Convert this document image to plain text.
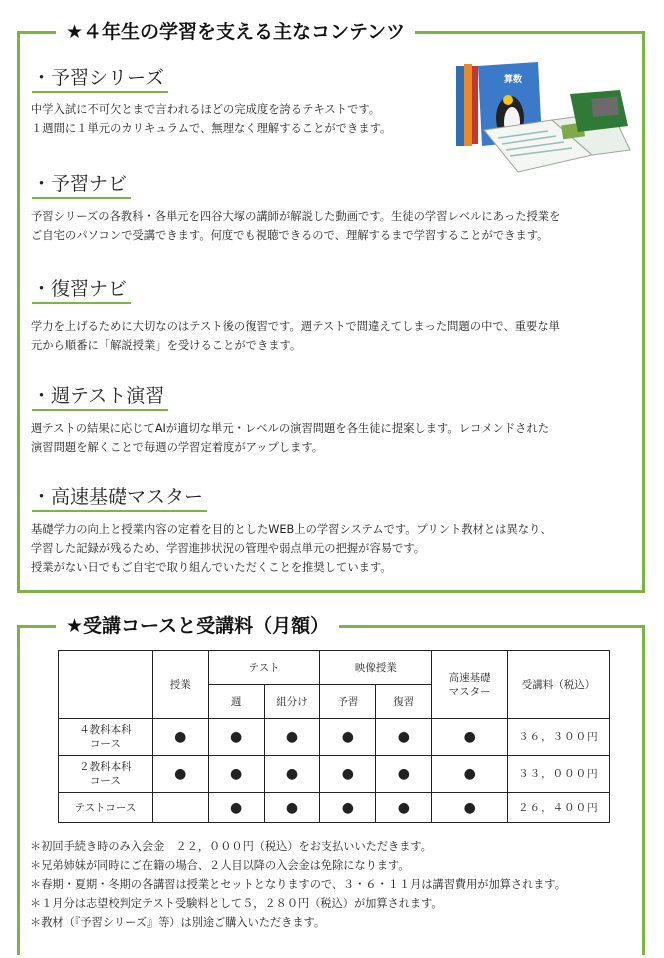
★４年生の学習を支える主なコンテンツ
・予習シリーズ
中学入試に不可欠とまで言われるほどの完成度を誇るテキストです。
１週間に１単元のカリキュラムで、無理なく理解することができます。
・予習ナビ
予習シリーズの各教科・各単元を四谷大塚の講師が解説した動画です。生徒の学習レベルにあった授業を
ご自宅のパソコンで受講できます。何度でも視聴できるので、理解するまで学習することができます。
・復習ナビ
学力を上げるために大切なのはテスト後の復習です。週テストで間違えてしまった問題の中で、重要な単
元から順番に「解説授業」を受けることができます。
・週テスト演習
週テストの結果に応じてAIが適切な単元・レベルの演習問題を各生徒に提案します。レコメンドされた
演習問題を解くことで毎週の学習定着度がアップします。
・高速基礎マスター
基礎学力の向上と授業内容の定着を目的としたWEB上の学習システムです。プリント教材とは異なり、
学習した記録が残るため、学習進捗状況の管理や弱点単元の把握が容易です。
授業がない日でもご自宅で取り組んでいただくことを推奨しています。
算数
★受講コースと受講料（月額）
	授業	テスト		映像授業		高速基礎
マスター	受講料（税込）
		週	組分け	予習	復習		
４教科本科
コース	●	●	●	●	●	●	３６，３００円
２教科本科
コース	●	●	●	●	●	●	３３，０００円
テストコース		●	●	●	●	●	２６，４００円
＊初回手続き時のみ入会金　２２，０００円（税込）をお支払いいただきます。
＊兄弟姉妹が同時にご在籍の場合、２人目以降の入会金は免除になります。
＊春期・夏期・冬期の各講習は授業とセットとなりますので、３・６・１１月は講習費用が加算されます。
＊１月分は志望校判定テスト受験料として５，２８０円（税込）が加算されます。
＊教材（『予習シリーズ』等）は別途ご購入いただきます。
